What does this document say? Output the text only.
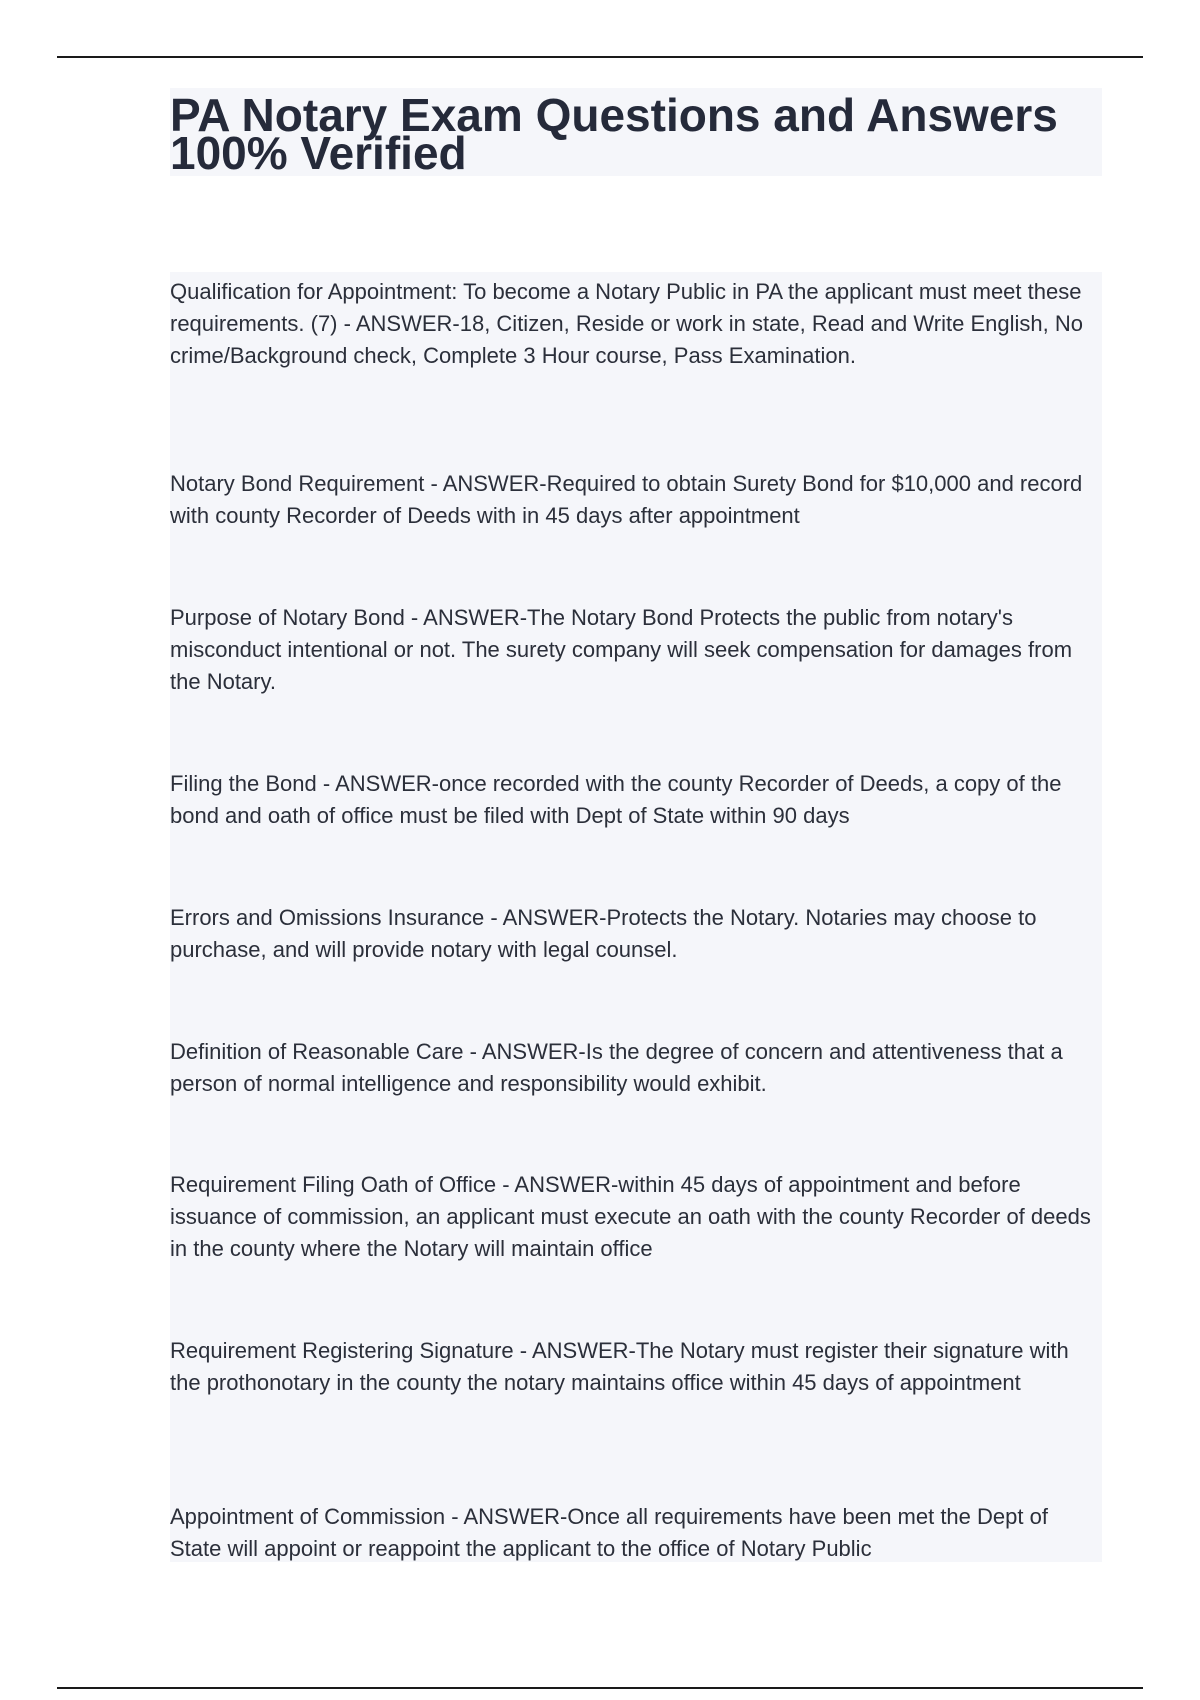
PA Notary Exam Questions and Answers
100% Verified

Qualification for Appointment: To become a Notary Public in PA the applicant must meet these requirements. (7) - ANSWER-18, Citizen, Reside or work in state, Read and Write English, No crime/Background check, Complete 3 Hour course, Pass Examination.

Notary Bond Requirement - ANSWER-Required to obtain Surety Bond for $10,000 and record with county Recorder of Deeds with in 45 days after appointment

Purpose of Notary Bond - ANSWER-The Notary Bond Protects the public from notary's misconduct intentional or not. The surety company will seek compensation for damages from the Notary.

Filing the Bond - ANSWER-once recorded with the county Recorder of Deeds, a copy of the bond and oath of office must be filed with Dept of State within 90 days

Errors and Omissions Insurance - ANSWER-Protects the Notary. Notaries may choose to purchase, and will provide notary with legal counsel.

Definition of Reasonable Care - ANSWER-Is the degree of concern and attentiveness that a person of normal intelligence and responsibility would exhibit.

Requirement Filing Oath of Office - ANSWER-within 45 days of appointment and before issuance of commission, an applicant must execute an oath with the county Recorder of deeds in the county where the Notary will maintain office

Requirement Registering Signature - ANSWER-The Notary must register their signature with the prothonotary in the county the notary maintains office within 45 days of appointment

Appointment of Commission - ANSWER-Once all requirements have been met the Dept of State will appoint or reappoint the applicant to the office of Notary Public
